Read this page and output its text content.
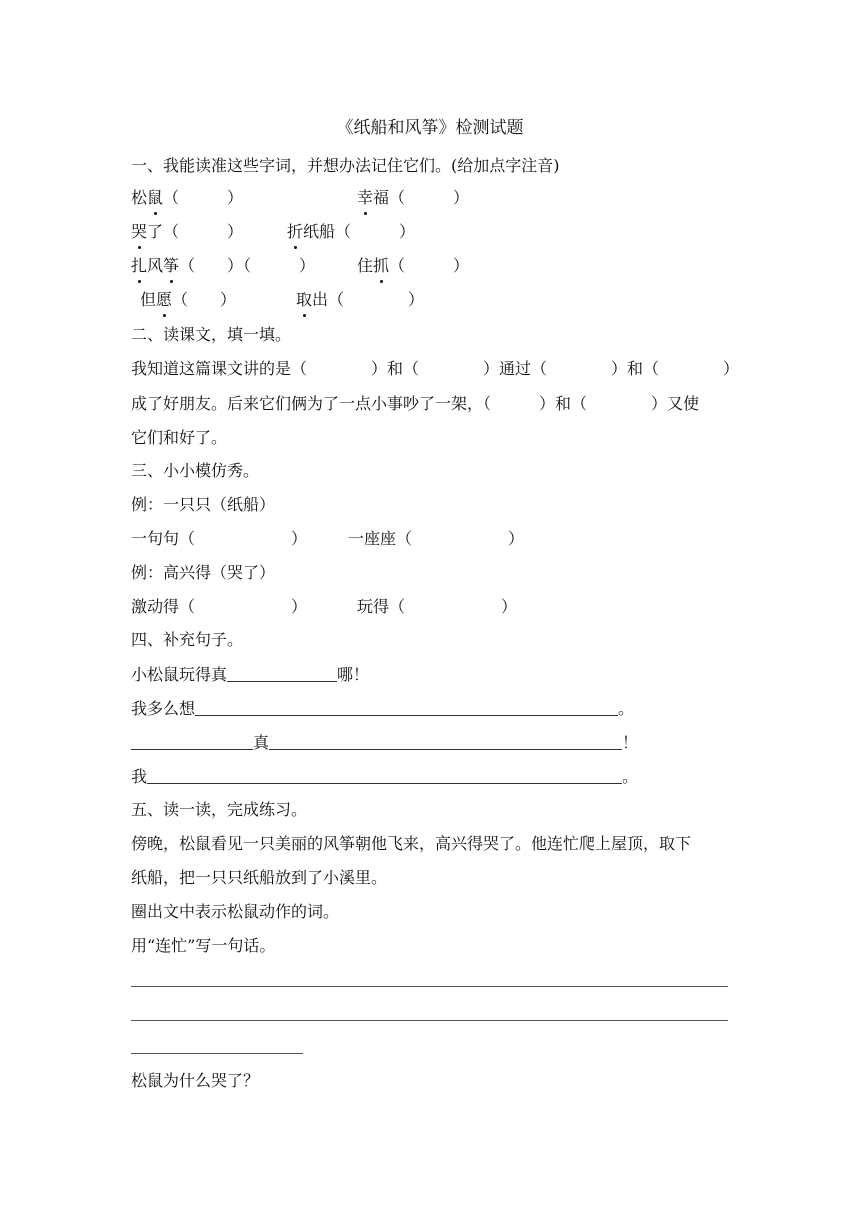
《纸船和风筝》检测试题
一、我能读准这些字词，并想办法记住它们。(给加点字注音)
松鼠（　　　）	幸福（　　　）
哭了（　　　）	折纸船（　　　）
扎风筝（　　）（　　　）	住抓（　　　）
但愿（　　）	取出（　　　　）
二、读课文，填一填。
我知道这篇课文讲的是（　　　　）和（　　　　）通过（　　　　）和（　　　　）
成了好朋友。后来它们俩为了一点小事吵了一架，（　　　）和（　　　　）又使
它们和好了。
三、小小模仿秀。
例：一只只（纸船）
一句句（　　　　　　）	一座座（　　　　　　）
例：高兴得（哭了）
激动得（　　　　　　）	玩得（　　　　　　）
四、补充句子。
小松鼠玩得真	哪！
我多么想	。
真	！
我	。
五、读一读，完成练习。
傍晚，松鼠看见一只美丽的风筝朝他飞来，高兴得哭了。他连忙爬上屋顶，取下
纸船，把一只只纸船放到了小溪里。
圈出文中表示松鼠动作的词。
用“连忙”写一句话。
松鼠为什么哭了？
